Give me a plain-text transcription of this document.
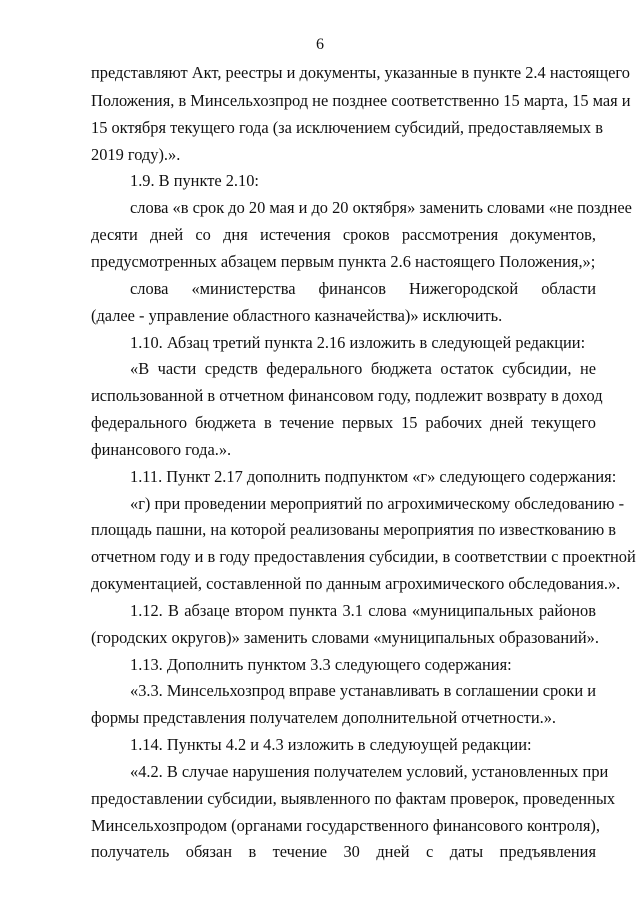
6
представляют Акт, реестры и документы, указанные в пункте 2.4 настоящего
Положения, в Минсельхозпрод не позднее соответственно 15 марта, 15 мая и
15 октября текущего года (за исключением субсидий, предоставляемых в
2019 году).».
1.9. В пункте 2.10:
слова «в срок до 20 мая и до 20 октября» заменить словами «не позднее
десяти дней со дня истечения сроков рассмотрения документов,
предусмотренных абзацем первым пункта 2.6 настоящего Положения,»;
слова «министерства финансов Нижегородской области
(далее - управление областного казначейства)» исключить.
1.10. Абзац третий пункта 2.16 изложить в следующей редакции:
«В части средств федерального бюджета остаток субсидии, не
использованной в отчетном финансовом году, подлежит возврату в доход
федерального бюджета в течение первых 15 рабочих дней текущего
финансового года.».
1.11. Пункт 2.17 дополнить подпунктом «г» следующего содержания:
«г) при проведении мероприятий по агрохимическому обследованию -
площадь пашни, на которой реализованы мероприятия по известкованию в
отчетном году и в году предоставления субсидии, в соответствии с проектной
документацией, составленной по данным агрохимического обследования.».
1.12. В абзаце втором пункта 3.1 слова «муниципальных районов
(городских округов)» заменить словами «муниципальных образований».
1.13. Дополнить пунктом 3.3 следующего содержания:
«3.3. Минсельхозпрод вправе устанавливать в соглашении сроки и
формы представления получателем дополнительной отчетности.».
1.14. Пункты 4.2 и 4.3 изложить в следуюущей редакции:
«4.2. В случае нарушения получателем условий, установленных при
предоставлении субсидии, выявленного по фактам проверок, проведенных
Минсельхозпродом (органами государственного финансового контроля),
получатель обязан в течение 30 дней с даты предъявления
